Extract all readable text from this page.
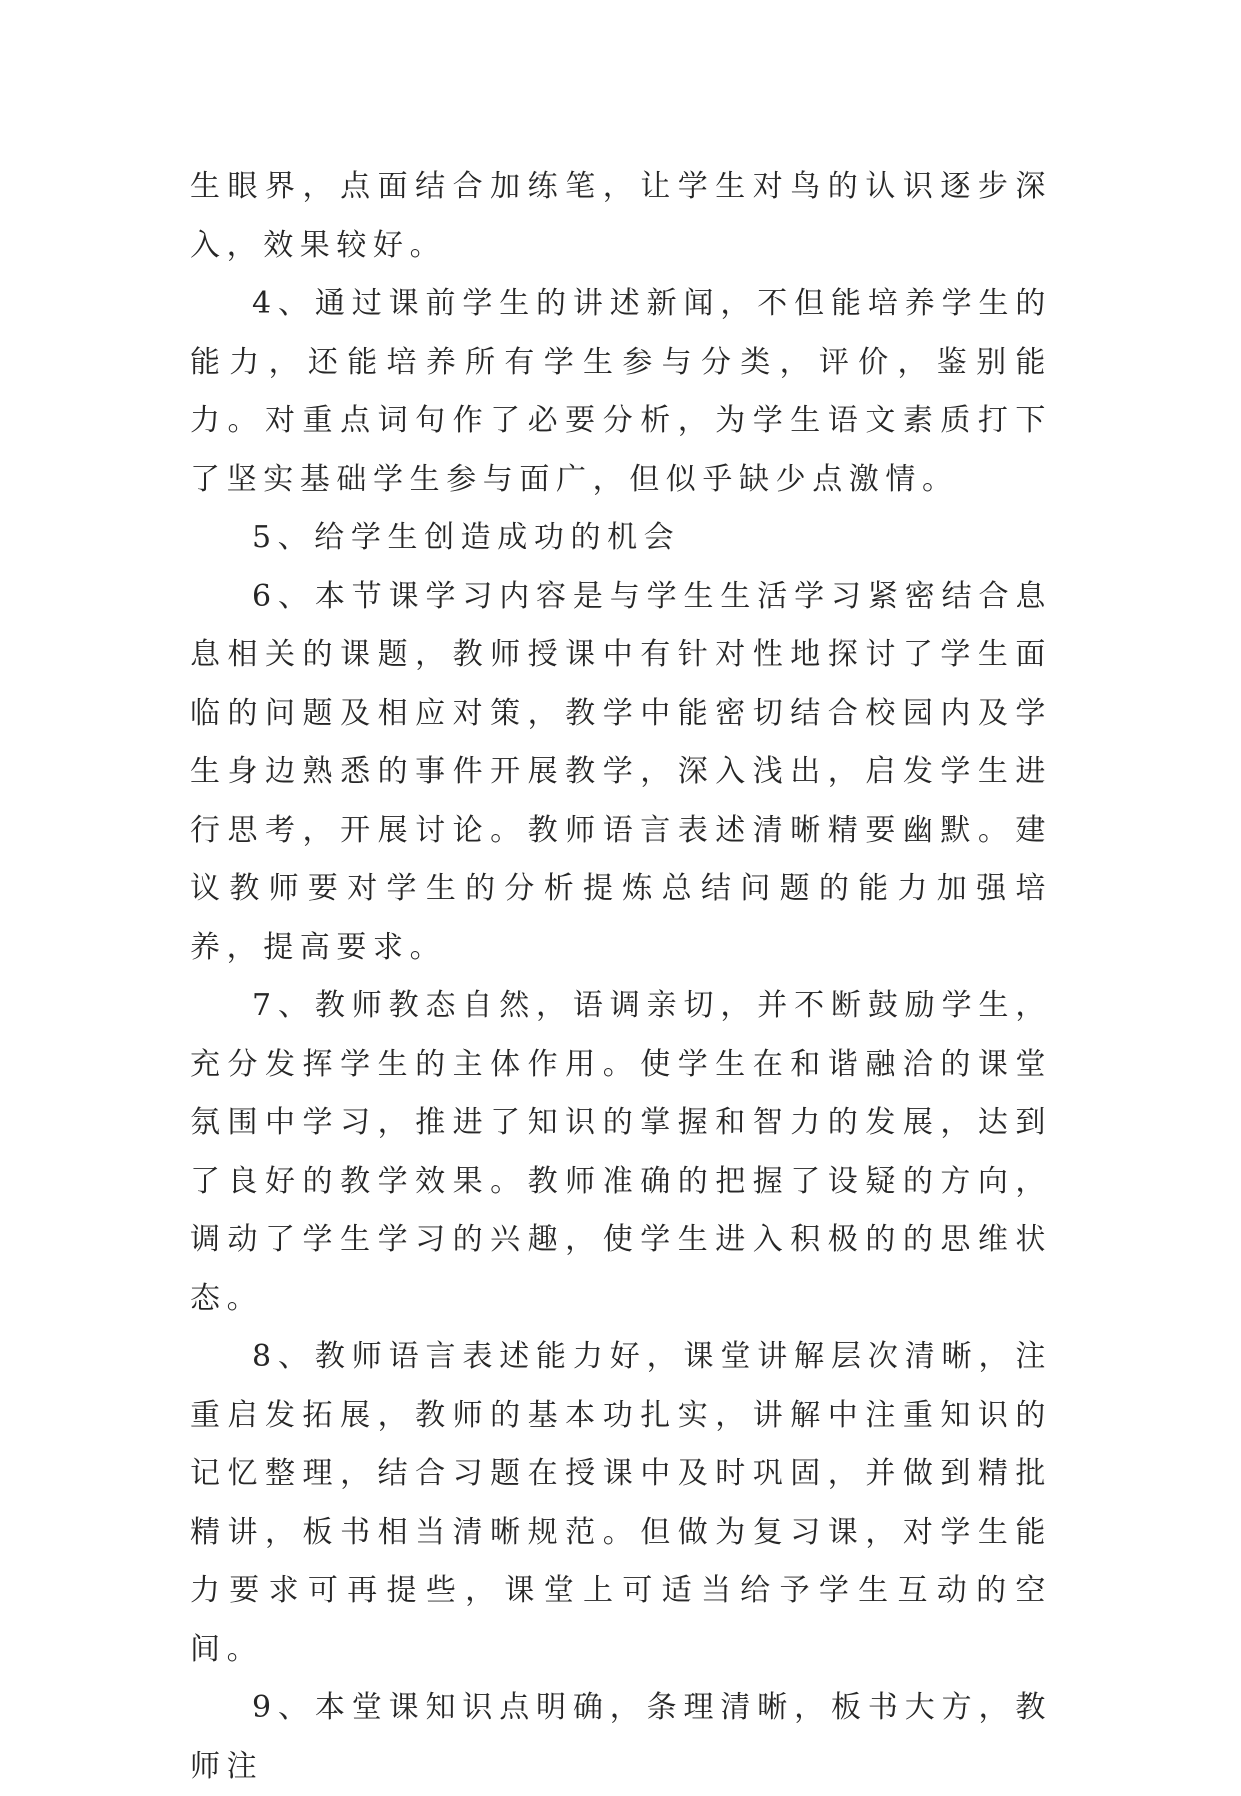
生眼界，点面结合加练笔，让学生对鸟的认识逐步深入，效果较好。

4、通过课前学生的讲述新闻，不但能培养学生的能力，还能培养所有学生参与分类，评价，鉴别能力。对重点词句作了必要分析，为学生语文素质打下了坚实基础学生参与面广，但似乎缺少点激情。

5、给学生创造成功的机会

6、本节课学习内容是与学生生活学习紧密结合息息相关的课题，教师授课中有针对性地探讨了学生面临的问题及相应对策，教学中能密切结合校园内及学生身边熟悉的事件开展教学，深入浅出，启发学生进行思考，开展讨论。教师语言表述清晰精要幽默。建议教师要对学生的分析提炼总结问题的能力加强培养，提高要求。

7、教师教态自然，语调亲切，并不断鼓励学生，充分发挥学生的主体作用。使学生在和谐融洽的课堂氛围中学习，推进了知识的掌握和智力的发展，达到了良好的教学效果。教师准确的把握了设疑的方向，调动了学生学习的兴趣，使学生进入积极的的思维状态。

8、教师语言表述能力好，课堂讲解层次清晰，注重启发拓展，教师的基本功扎实，讲解中注重知识的记忆整理，结合习题在授课中及时巩固，并做到精批精讲，板书相当清晰规范。但做为复习课，对学生能力要求可再提些，课堂上可适当给予学生互动的空间。

9、本堂课知识点明确，条理清晰，板书大方，教师注
